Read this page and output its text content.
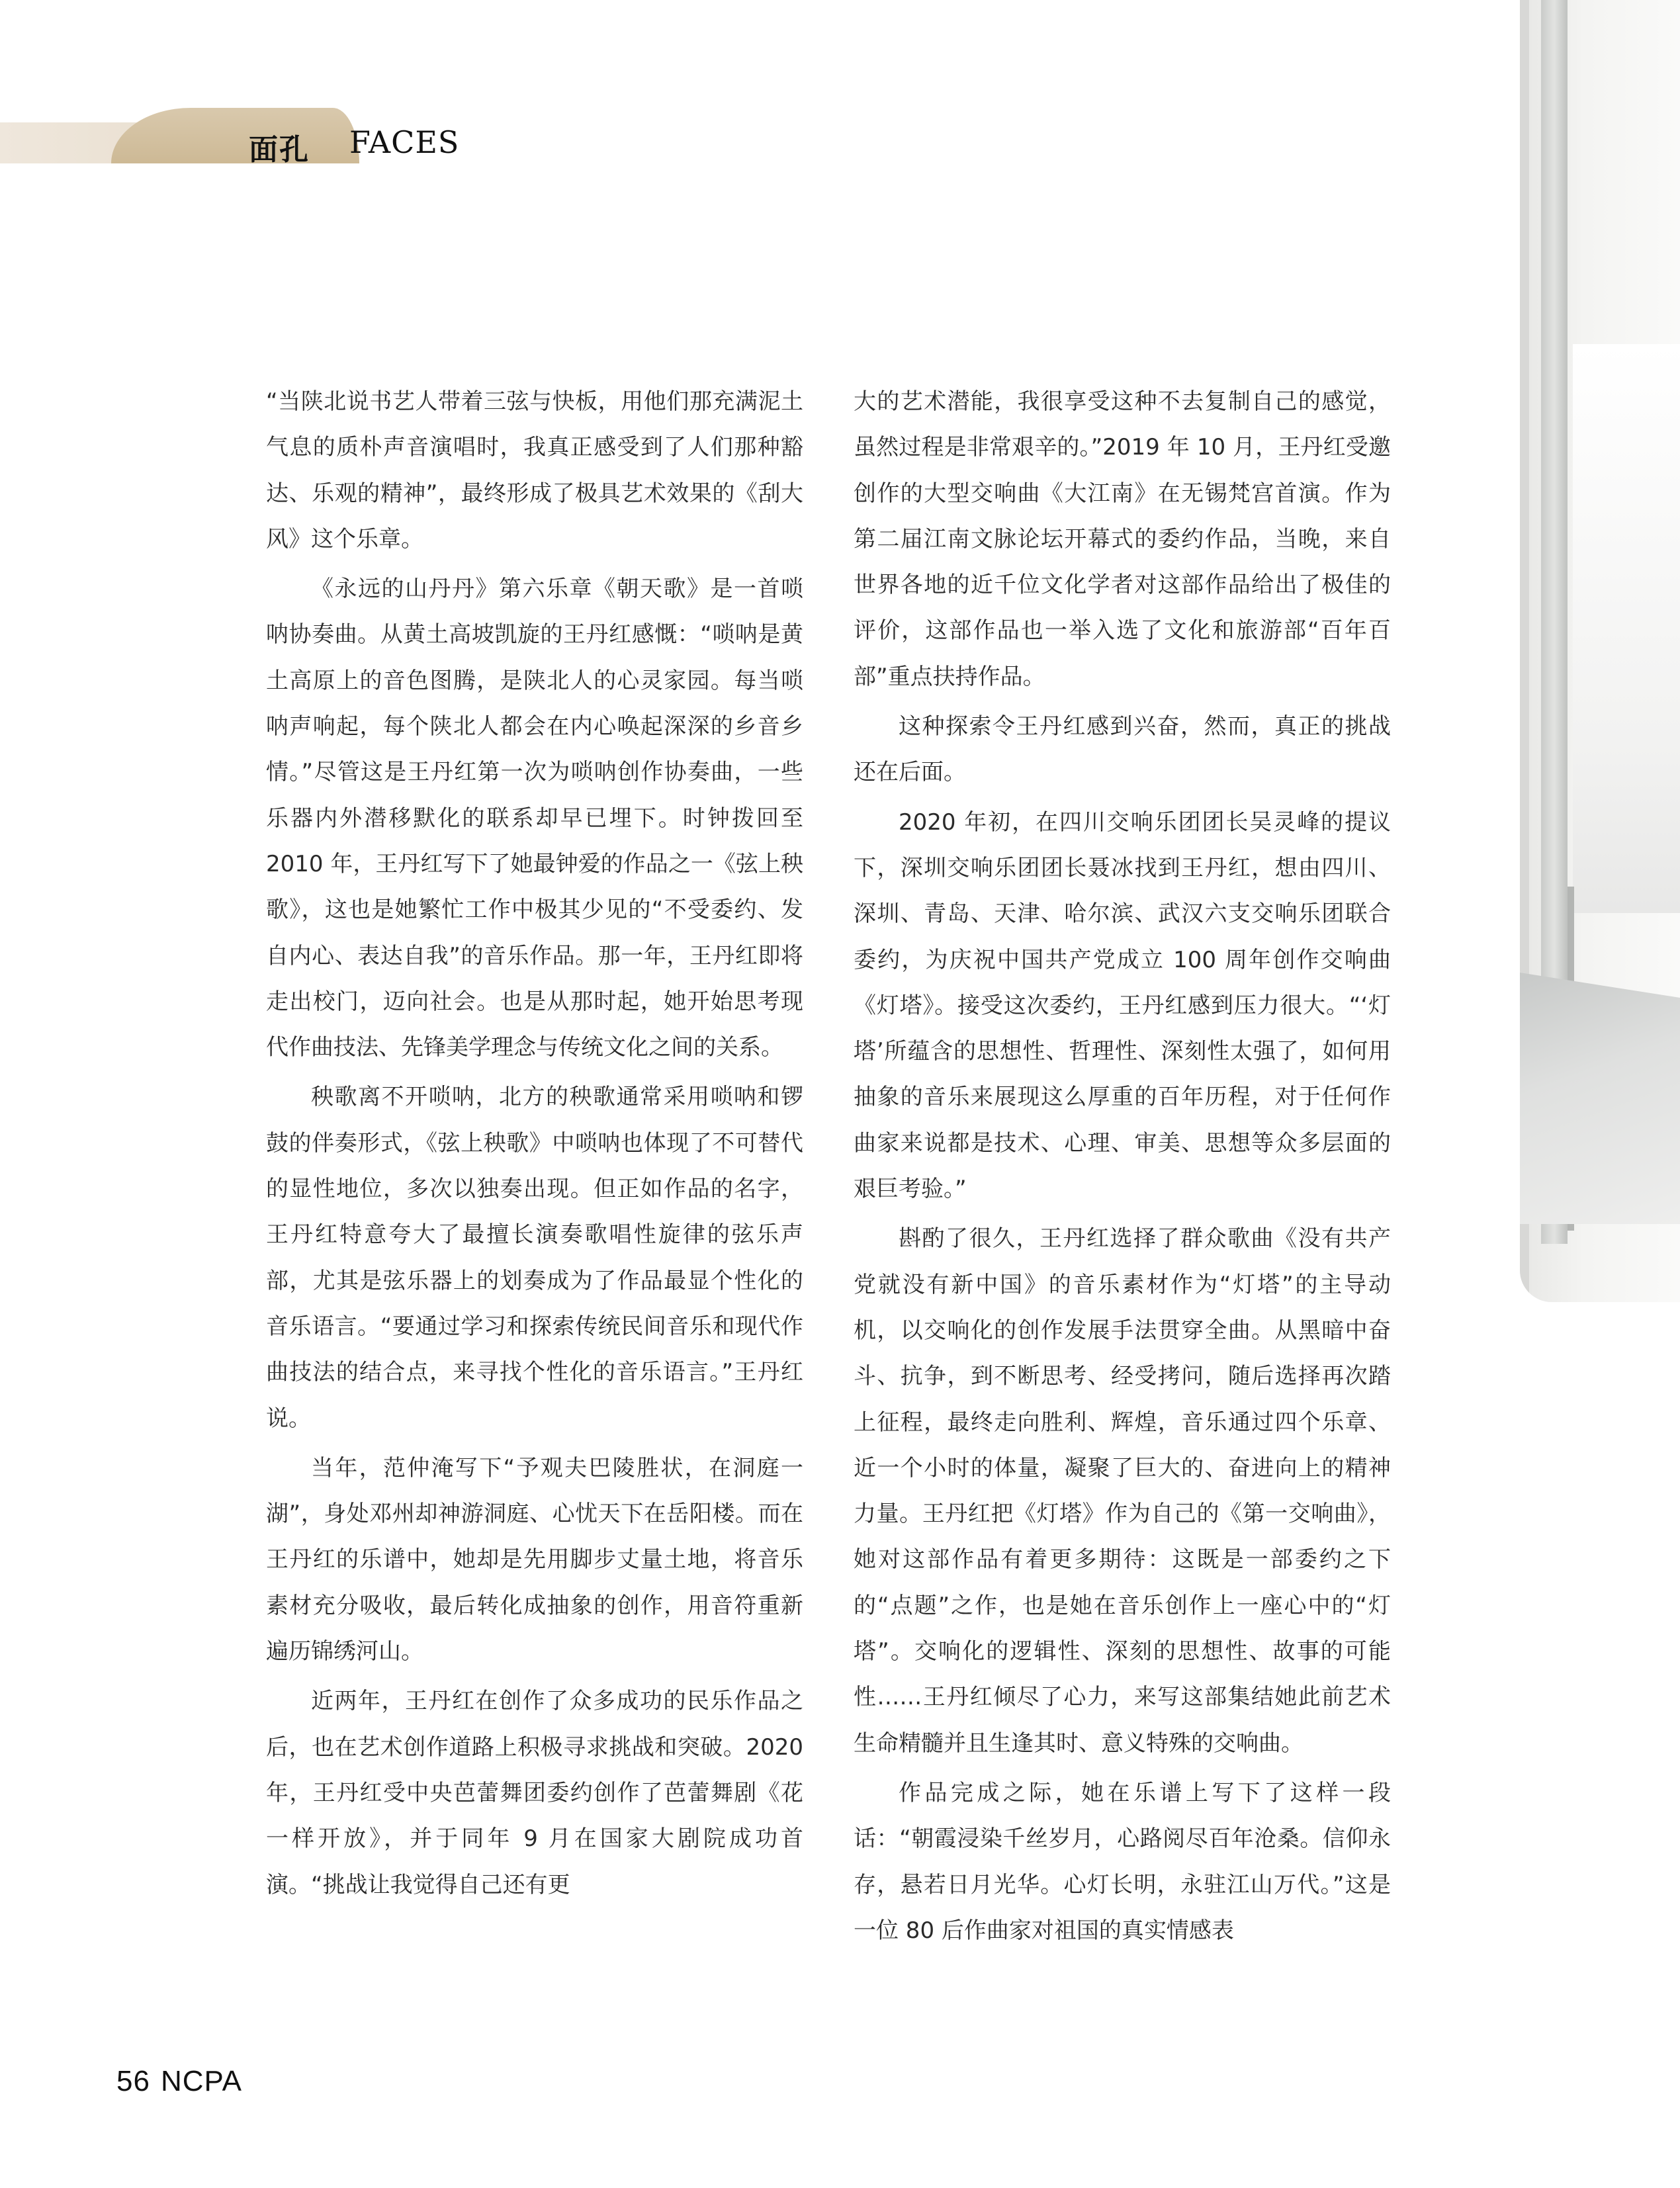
面孔 FACES

“当陕北说书艺人带着三弦与快板，用他们那充满泥土气息的质朴声音演唱时，我真正感受到了人们那种豁达、乐观的精神”，最终形成了极具艺术效果的《刮大风》这个乐章。

《永远的山丹丹》第六乐章《朝天歌》是一首唢呐协奏曲。从黄土高坡凯旋的王丹红感慨：“唢呐是黄土高原上的音色图腾，是陕北人的心灵家园。每当唢呐声响起，每个陕北人都会在内心唤起深深的乡音乡情。”尽管这是王丹红第一次为唢呐创作协奏曲，一些乐器内外潜移默化的联系却早已埋下。时钟拨回至 2010 年，王丹红写下了她最钟爱的作品之一《弦上秧歌》，这也是她繁忙工作中极其少见的“不受委约、发自内心、表达自我”的音乐作品。那一年，王丹红即将走出校门，迈向社会。也是从那时起，她开始思考现代作曲技法、先锋美学理念与传统文化之间的关系。

秧歌离不开唢呐，北方的秧歌通常采用唢呐和锣鼓的伴奏形式，《弦上秧歌》中唢呐也体现了不可替代的显性地位，多次以独奏出现。但正如作品的名字，王丹红特意夸大了最擅长演奏歌唱性旋律的弦乐声部，尤其是弦乐器上的划奏成为了作品最显个性化的音乐语言。“要通过学习和探索传统民间音乐和现代作曲技法的结合点，来寻找个性化的音乐语言。”王丹红说。

当年，范仲淹写下“予观夫巴陵胜状，在洞庭一湖”，身处邓州却神游洞庭、心忧天下在岳阳楼。而在王丹红的乐谱中，她却是先用脚步丈量土地，将音乐素材充分吸收，最后转化成抽象的创作，用音符重新遍历锦绣河山。

近两年，王丹红在创作了众多成功的民乐作品之后，也在艺术创作道路上积极寻求挑战和突破。2020 年，王丹红受中央芭蕾舞团委约创作了芭蕾舞剧《花一样开放》，并于同年 9 月在国家大剧院成功首演。“挑战让我觉得自己还有更

大的艺术潜能，我很享受这种不去复制自己的感觉，虽然过程是非常艰辛的。”2019 年 10 月，王丹红受邀创作的大型交响曲《大江南》在无锡梵宫首演。作为第二届江南文脉论坛开幕式的委约作品，当晚，来自世界各地的近千位文化学者对这部作品给出了极佳的评价，这部作品也一举入选了文化和旅游部“百年百部”重点扶持作品。

这种探索令王丹红感到兴奋，然而，真正的挑战还在后面。

2020 年初，在四川交响乐团团长吴灵峰的提议下，深圳交响乐团团长聂冰找到王丹红，想由四川、深圳、青岛、天津、哈尔滨、武汉六支交响乐团联合委约，为庆祝中国共产党成立 100 周年创作交响曲《灯塔》。接受这次委约，王丹红感到压力很大。“‘灯塔’所蕴含的思想性、哲理性、深刻性太强了，如何用抽象的音乐来展现这么厚重的百年历程，对于任何作曲家来说都是技术、心理、审美、思想等众多层面的艰巨考验。”

斟酌了很久，王丹红选择了群众歌曲《没有共产党就没有新中国》的音乐素材作为“灯塔”的主导动机，以交响化的创作发展手法贯穿全曲。从黑暗中奋斗、抗争，到不断思考、经受拷问，随后选择再次踏上征程，最终走向胜利、辉煌，音乐通过四个乐章、近一个小时的体量，凝聚了巨大的、奋进向上的精神力量。王丹红把《灯塔》作为自己的《第一交响曲》，她对这部作品有着更多期待：这既是一部委约之下的“点题”之作，也是她在音乐创作上一座心中的“灯塔”。交响化的逻辑性、深刻的思想性、故事的可能性……王丹红倾尽了心力，来写这部集结她此前艺术生命精髓并且生逢其时、意义特殊的交响曲。

作品完成之际，她在乐谱上写下了这样一段话：“朝霞浸染千丝岁月，心路阅尽百年沧桑。信仰永存，悬若日月光华。心灯长明，永驻江山万代。”这是一位 80 后作曲家对祖国的真实情感表

56 NCPA
